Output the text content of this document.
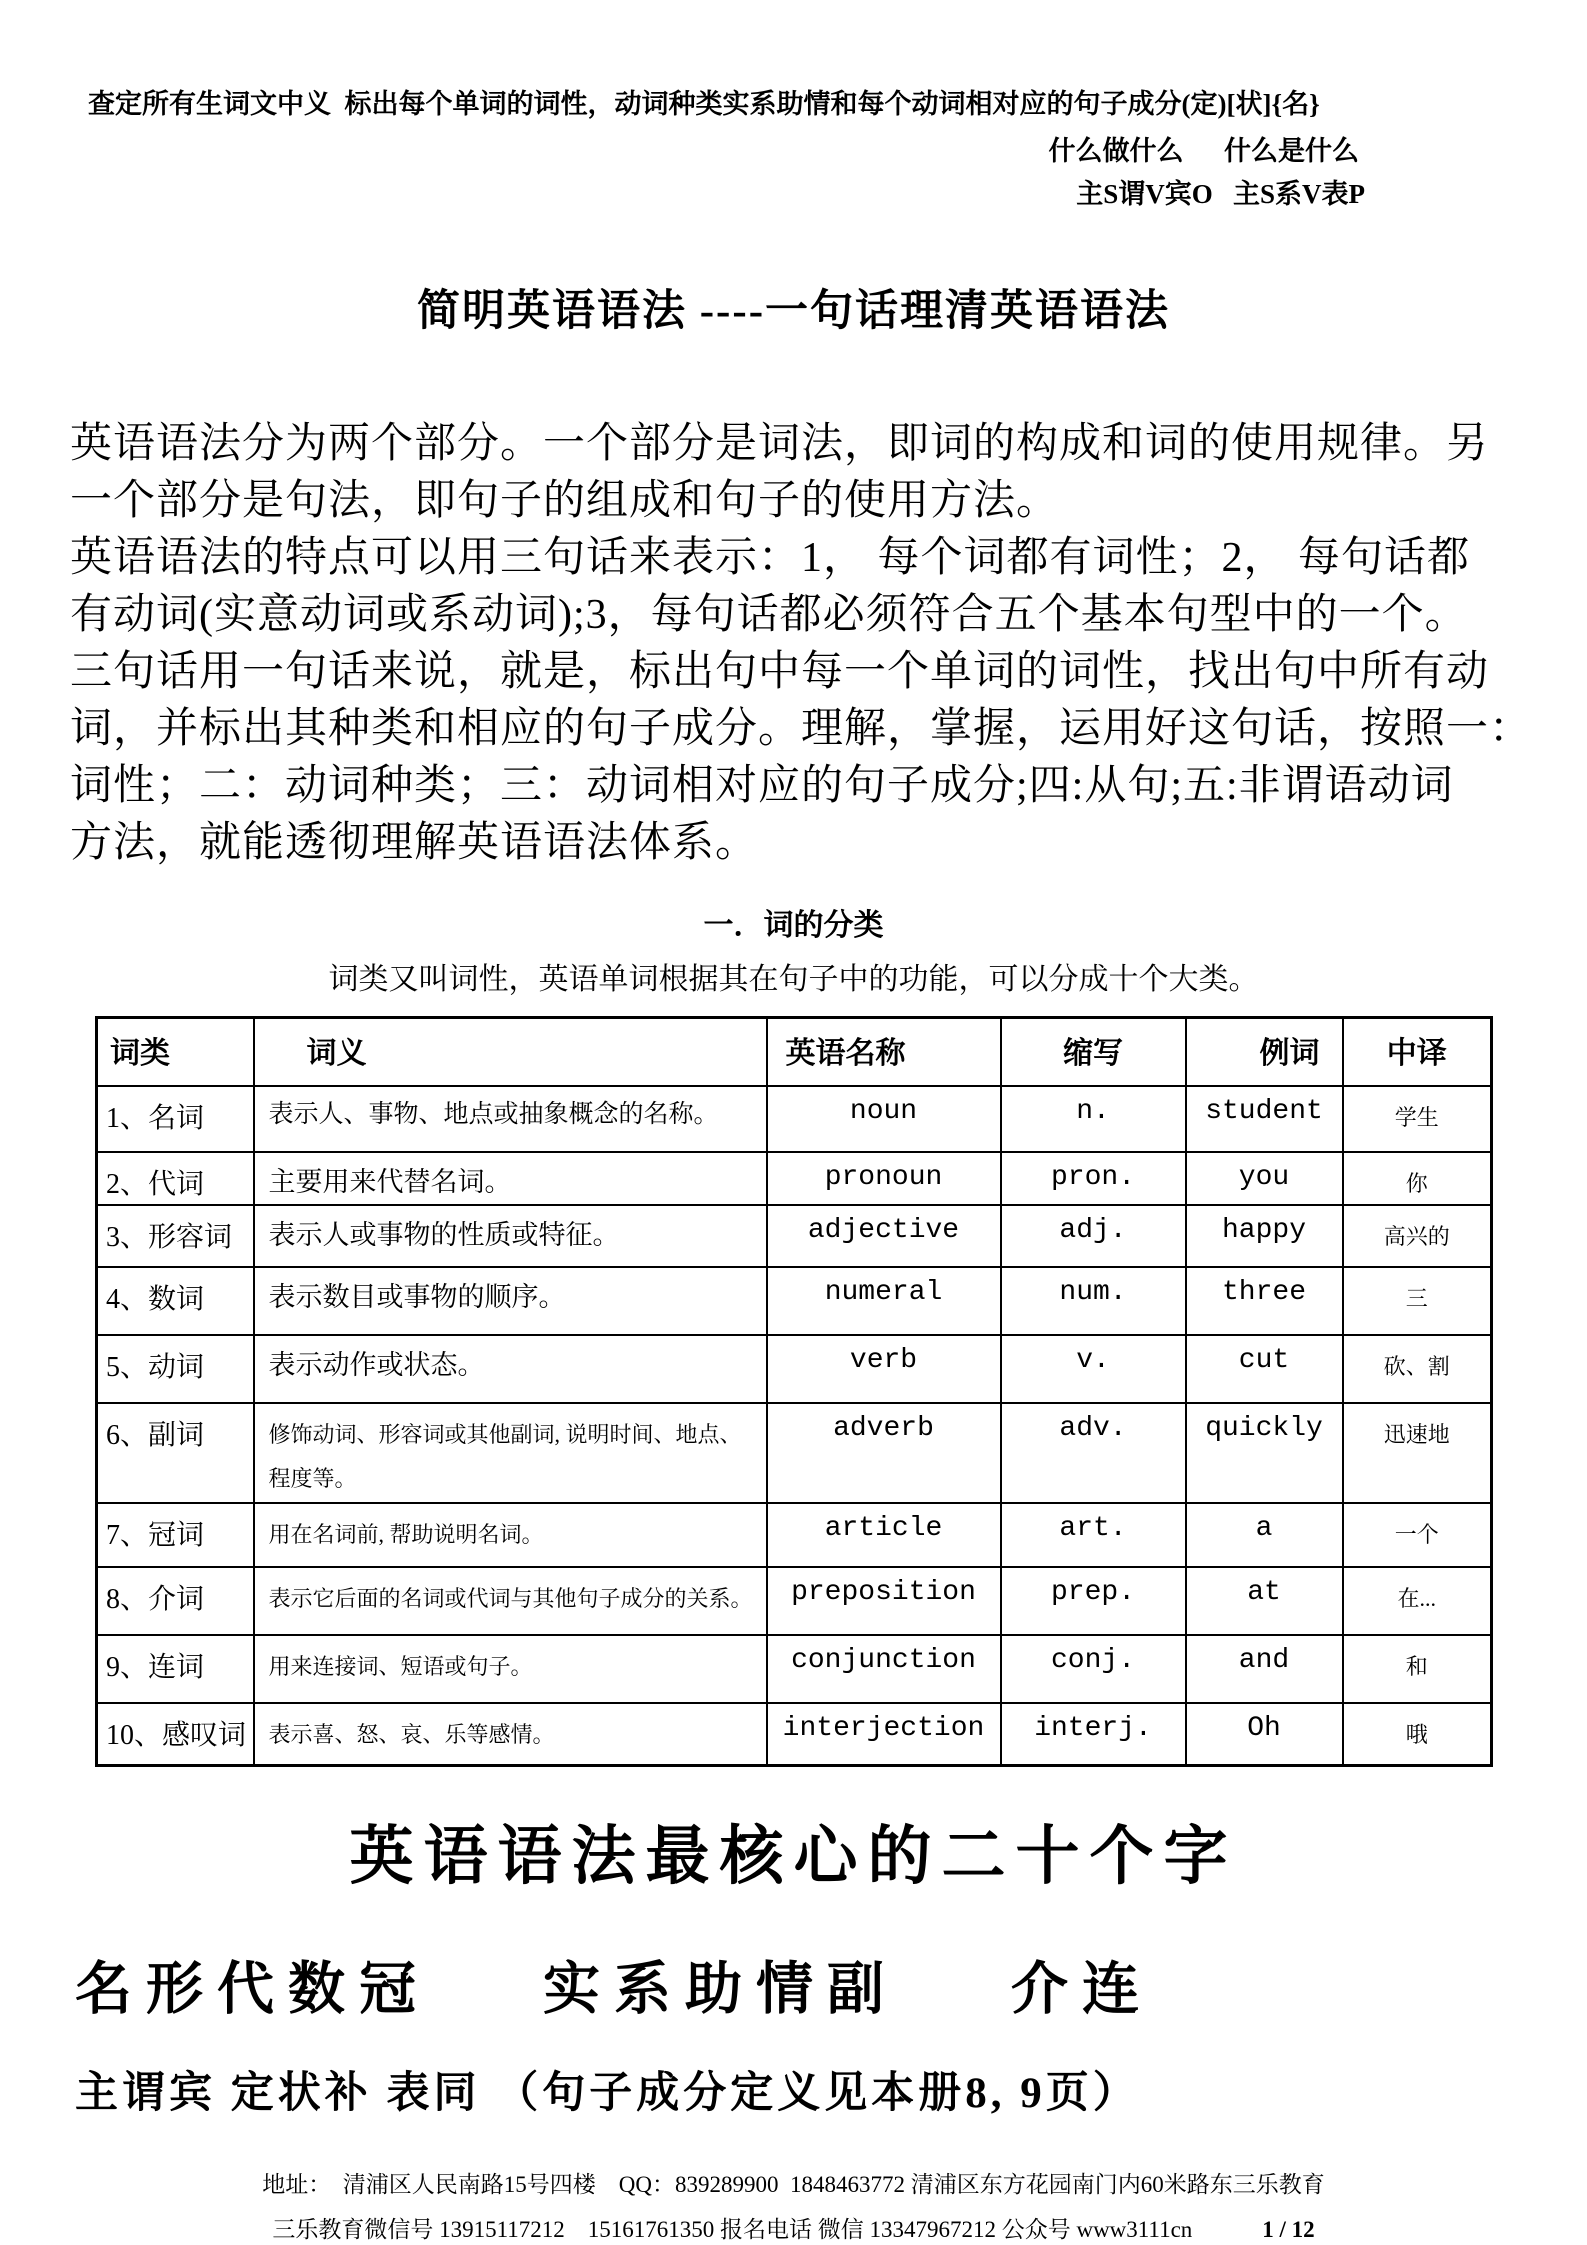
查定所有生词文中义  标出每个单词的词性，动词种类实系助情和每个动词相对应的句子成分(定)[状]{名}
什么做什么      什么是什么
主S谓V宾O   主S系V表P
简明英语语法 ----一句话理清英语语法
英语语法分为两个部分。一个部分是词法，即词的构成和词的使用规律。另
一个部分是句法，即句子的组成和句子的使用方法。
英语语法的特点可以用三句话来表示：1， 每个词都有词性；2， 每句话都
有动词(实意动词或系动词);3，每句话都必须符合五个基本句型中的一个。
三句话用一句话来说，就是，标出句中每一个单词的词性，找出句中所有动
词，并标出其种类和相应的句子成分。理解，掌握，运用好这句话，按照一：
词性；二：动词种类；三：动词相对应的句子成分;四:从句;五:非谓语动词
方法，就能透彻理解英语语法体系。
一．词的分类
词类又叫词性，英语单词根据其在句子中的功能，可以分成十个大类。
词类	词义	英语名称	缩写	例词	中译
1、名词	表示人、事物、地点或抽象概念的名称。	noun	n.	student	学生
2、代词	主要用来代替名词。	pronoun	pron.	you	你
3、形容词	表示人或事物的性质或特征。	adjective	adj.	happy	高兴的
4、数词	表示数目或事物的顺序。	numeral	num.	three	三
5、动词	表示动作或状态。	verb	v.	cut	砍、割
6、副词	修饰动词、形容词或其他副词, 说明时间、地点、程度等。	adverb	adv.	quickly	迅速地
7、冠词	用在名词前, 帮助说明名词。	article	art.	a	一个
8、介词	表示它后面的名词或代词与其他句子成分的关系。	preposition	prep.	at	在...
9、连词	用来连接词、短语或句子。	conjunction	conj.	and	和
10、感叹词	表示喜、怒、哀、乐等感情。	interjection	interj.	Oh	哦
英语语法最核心的二十个字
名形代数冠    实系助情副    介连
主谓宾 定状补 表同 （句子成分定义见本册8, 9页）
地址：  清浦区人民南路15号四楼    QQ：839289900  1848463772 清浦区东方花园南门内60米路东三乐教育
三乐教育微信号 13915117212    15161761350 报名电话 微信 13347967212 公众号 www3111cn	1 / 12
